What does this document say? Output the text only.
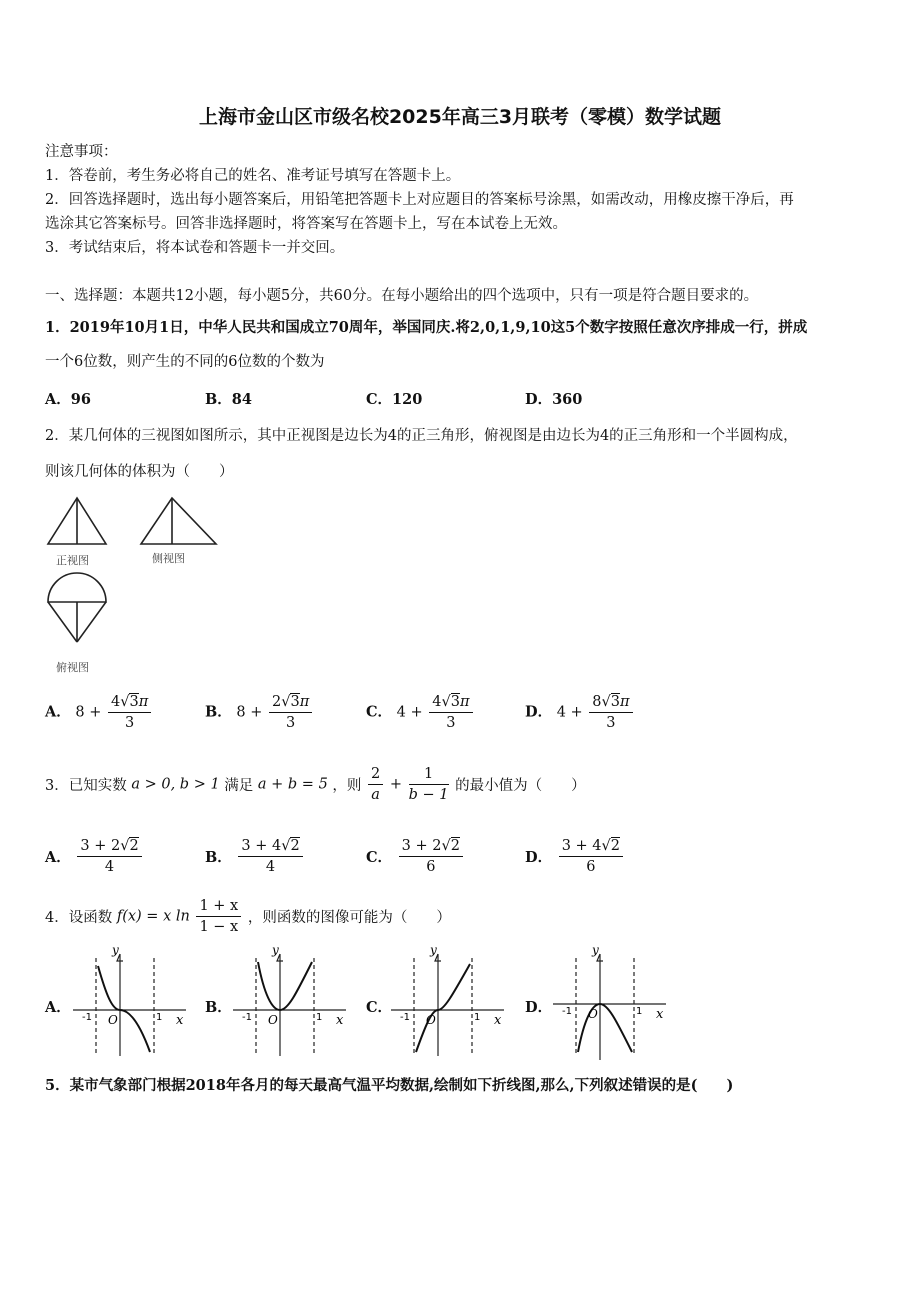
上海市金山区市级名校2025年高三3月联考（零模）数学试题
注意事项：
1．答卷前，考生务必将自己的姓名、准考证号填写在答题卡上。
2．回答选择题时，选出每小题答案后，用铅笔把答题卡上对应题目的答案标号涂黑，如需改动，用橡皮擦干净后，再
选涂其它答案标号。回答非选择题时，将答案写在答题卡上，写在本试卷上无效。
3．考试结束后，将本试卷和答题卡一并交回。
一、选择题：本题共12小题，每小题5分，共60分。在每小题给出的四个选项中，只有一项是符合题目要求的。
1．2019年10月1日，中华人民共和国成立70周年，举国同庆.将2,0,1,9,10这5个数字按照任意次序排成一行，拼成
一个6位数，则产生的不同的6位数的个数为
A．96	B．84	C．120	D．360
2．某几何体的三视图如图所示，其中正视图是边长为4的正三角形，俯视图是由边长为4的正三角形和一个半圆构成，
则该几何体的体积为（　　）
正视图	侧视图
俯视图
A． $8 + \frac{4√3\pi}{3}$	B． $8 + \frac{2√3\pi}{3}$	C． $4 + \frac{4√3\pi}{3}$	D． $4 + \frac{8√3\pi}{3}$
3．已知实数 a > 0, b > 1 满足 a + b = 5 ，则 $\frac{2}{a} + \frac{1}{b - 1}$ 的最小值为（　　）
A． $\frac{3 + 2√2}{4}$	B． $\frac{3 + 4√2}{4}$	C． $\frac{3 + 2√2}{6}$	D． $\frac{3 + 4√2}{6}$
4．设函数 f(x) = x $\ln \frac{1 + x}{1 - x}$ ，则函数的图像可能为（　　）
A．	B．	C．	D．
y
x
O
-1	1
y
x
O
-1	1
y
x
O
-1	1
y
x
O
-1	1
5．某市气象部门根据2018年各月的每天最高气温平均数据,绘制如下折线图,那么,下列叙述错误的是(　　)
